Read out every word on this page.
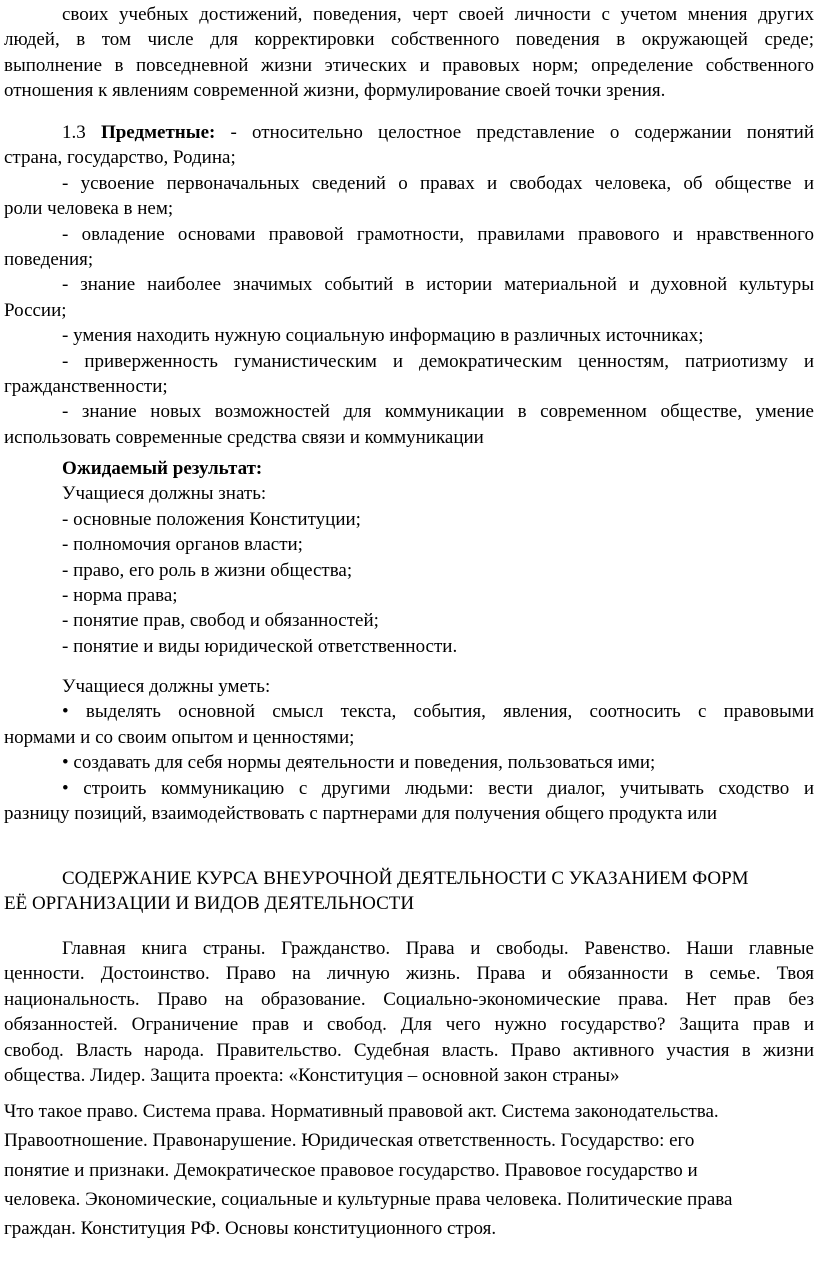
своих учебных достижений, поведения, черт своей личности с учетом мнения других
людей, в том числе для корректировки собственного поведения в окружающей среде;
выполнение в повседневной жизни этических и правовых норм; определение собственного
отношения к явлениям современной жизни, формулирование своей точки зрения.
1.3 Предметные: - относительно целостное представление о содержании понятий
страна, государство, Родина;
- усвоение первоначальных сведений о правах и свободах человека, об обществе и
роли человека в нем;
- овладение основами правовой грамотности, правилами правового и нравственного
поведения;
- знание наиболее значимых событий в истории материальной и духовной культуры
России;
- умения находить нужную социальную информацию в различных источниках;
- приверженность гуманистическим и демократическим ценностям, патриотизму и
гражданственности;
- знание новых возможностей для коммуникации в современном обществе, умение
использовать современные средства связи и коммуникации
Ожидаемый результат:
Учащиеся должны знать:
- основные положения Конституции;
- полномочия органов власти;
- право, его роль в жизни общества;
- норма права;
- понятие прав, свобод и обязанностей;
- понятие и виды юридической ответственности.
Учащиеся должны уметь:
• выделять основной смысл текста, события, явления, соотносить с правовыми
нормами и со своим опытом и ценностями;
• создавать для себя нормы деятельности и поведения, пользоваться ими;
• строить коммуникацию с другими людьми: вести диалог, учитывать сходство и
разницу позиций, взаимодействовать с партнерами для получения общего продукта или
СОДЕРЖАНИЕ КУРСА ВНЕУРОЧНОЙ ДЕЯТЕЛЬНОСТИ С УКАЗАНИЕМ ФОРМ
ЕЁ ОРГАНИЗАЦИИ И ВИДОВ ДЕЯТЕЛЬНОСТИ
Главная книга страны. Гражданство. Права и свободы. Равенство. Наши главные
ценности. Достоинство. Право на личную жизнь. Права и обязанности в семье. Твоя
национальность. Право на образование. Социально-экономические права. Нет прав без
обязанностей. Ограничение прав и свобод. Для чего нужно государство? Защита прав и
свобод. Власть народа. Правительство. Судебная власть. Право активного участия в жизни
общества. Лидер. Защита проекта: «Конституция – основной закон страны»
Что такое право. Система права. Нормативный правовой акт. Система законодательства.
Правоотношение. Правонарушение. Юридическая ответственность. Государство: его
понятие и признаки. Демократическое правовое государство. Правовое государство и
человека. Экономические, социальные и культурные права человека. Политические права
граждан. Конституция РФ. Основы конституционного строя.
